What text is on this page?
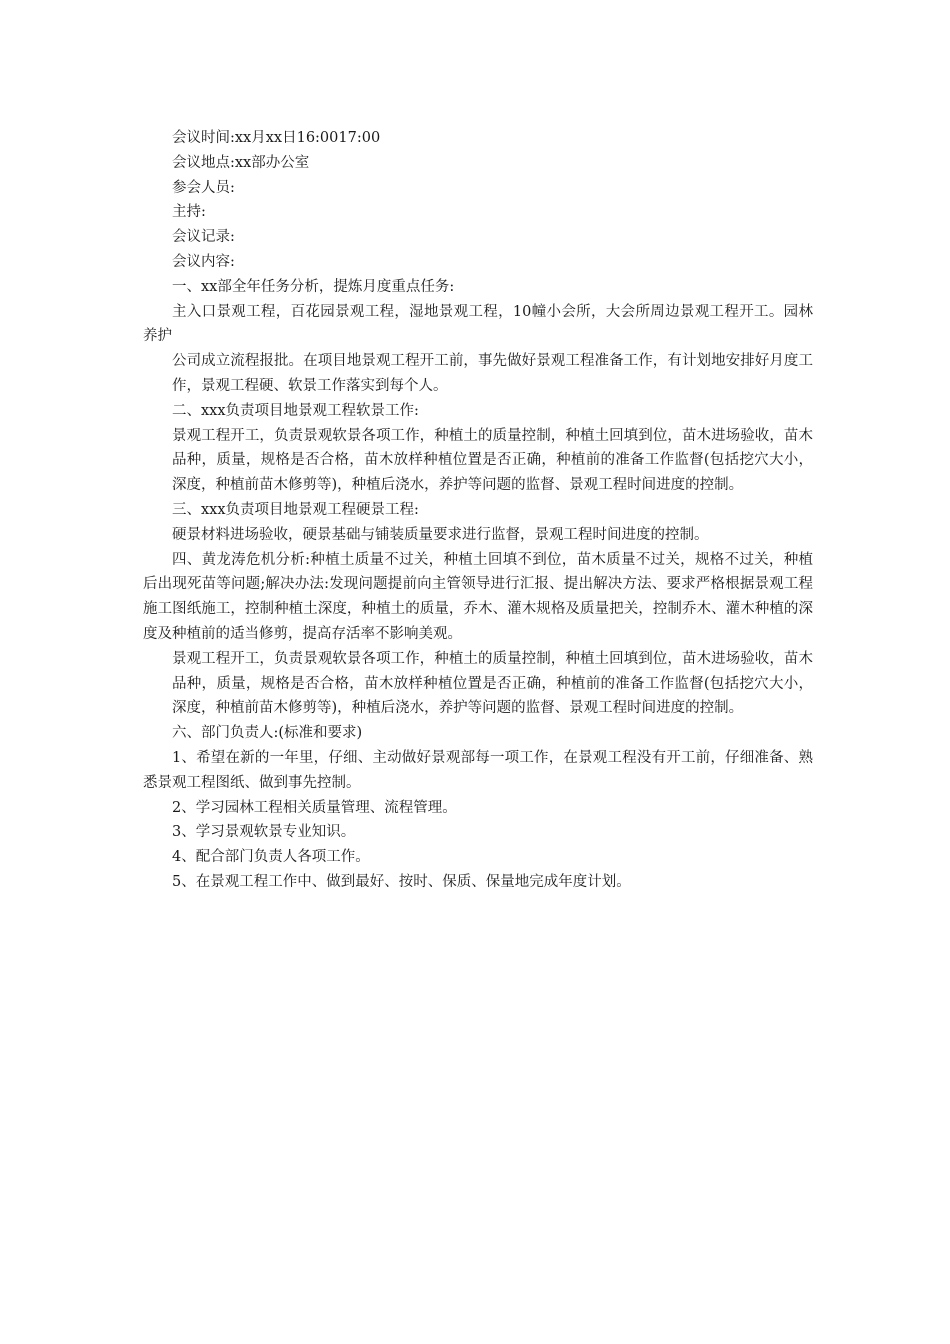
会议时间:xx月xx日16:0017:00

会议地点:xx部办公室

参会人员:

主持:

会议记录:

会议内容:

一、xx部全年任务分析，提炼月度重点任务:

主入口景观工程，百花园景观工程，湿地景观工程，10幢小会所，大会所周边景观工程开工。园林养护

公司成立流程报批。在项目地景观工程开工前，事先做好景观工程准备工作，有计划地安排好月度工作，景观工程硬、软景工作落实到每个人。

二、xxx负责项目地景观工程软景工作:

景观工程开工，负责景观软景各项工作，种植土的质量控制，种植土回填到位，苗木进场验收，苗木品种，质量，规格是否合格，苗木放样种植位置是否正确，种植前的准备工作监督(包括挖穴大小，深度，种植前苗木修剪等)，种植后浇水，养护等问题的监督、景观工程时间进度的控制。

三、xxx负责项目地景观工程硬景工程:

硬景材料进场验收，硬景基础与铺装质量要求进行监督，景观工程时间进度的控制。

四、黄龙涛危机分析:种植土质量不过关，种植土回填不到位，苗木质量不过关，规格不过关，种植后出现死苗等问题;解决办法:发现问题提前向主管领导进行汇报、提出解决方法、要求严格根据景观工程施工图纸施工，控制种植土深度，种植土的质量，乔木、灌木规格及质量把关，控制乔木、灌木种植的深度及种植前的适当修剪，提高存活率不影响美观。

景观工程开工，负责景观软景各项工作，种植土的质量控制，种植土回填到位，苗木进场验收，苗木品种，质量，规格是否合格，苗木放样种植位置是否正确，种植前的准备工作监督(包括挖穴大小，深度，种植前苗木修剪等)，种植后浇水，养护等问题的监督、景观工程时间进度的控制。

六、部门负责人:(标准和要求)

1、希望在新的一年里，仔细、主动做好景观部每一项工作，在景观工程没有开工前，仔细准备、熟悉景观工程图纸、做到事先控制。

2、学习园林工程相关质量管理、流程管理。

3、学习景观软景专业知识。

4、配合部门负责人各项工作。

5、在景观工程工作中、做到最好、按时、保质、保量地完成年度计划。
